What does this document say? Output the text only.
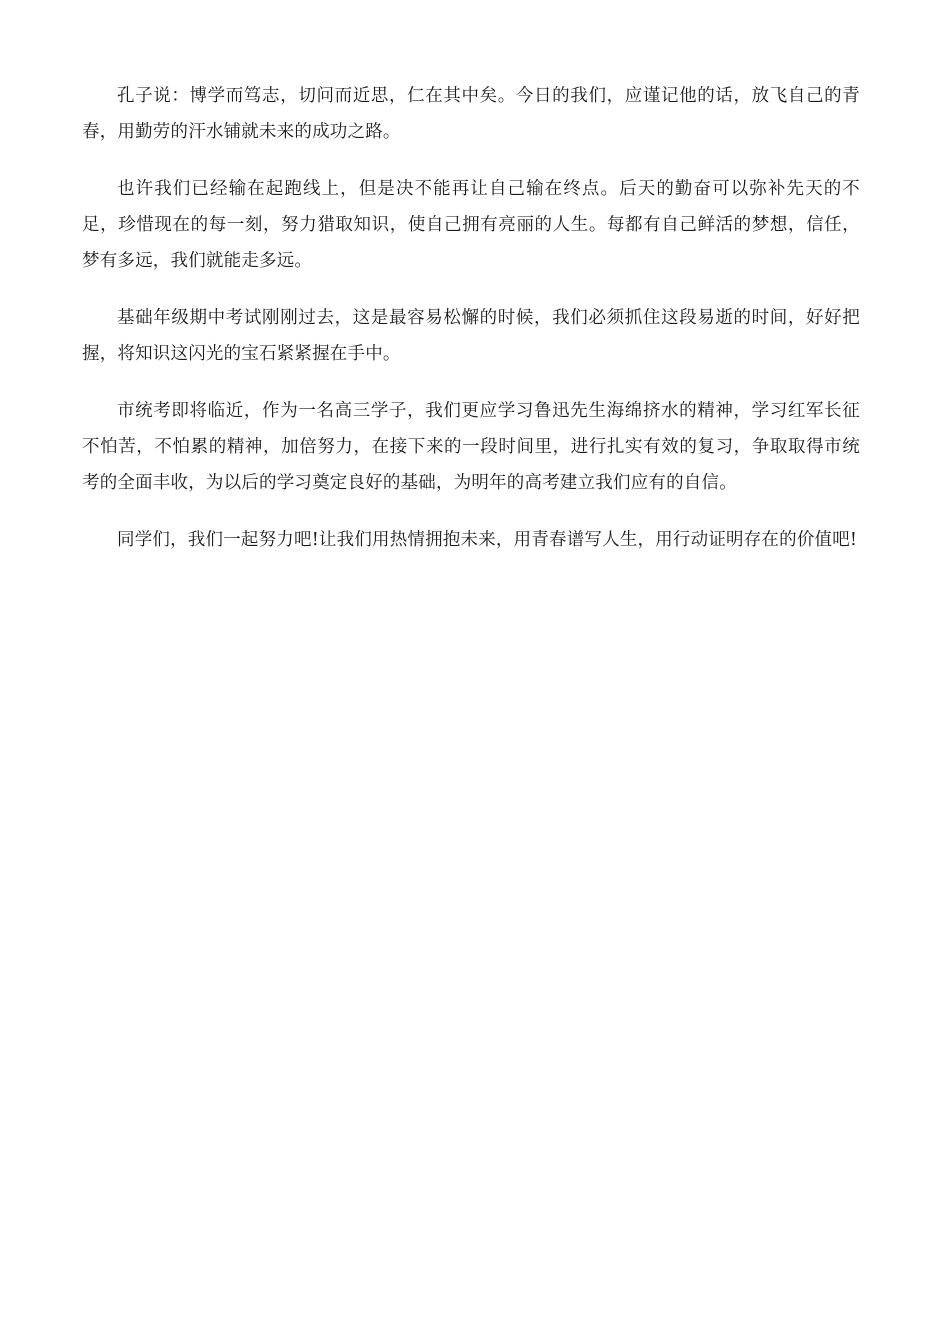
孔子说：博学而笃志，切问而近思，仁在其中矣。今日的我们，应谨记他的话，放飞自己的青春，用勤劳的汗水铺就未来的成功之路。

也许我们已经输在起跑线上，但是决不能再让自己输在终点。后天的勤奋可以弥补先天的不足，珍惜现在的每一刻，努力猎取知识，使自己拥有亮丽的人生。每都有自己鲜活的梦想，信任，梦有多远，我们就能走多远。

基础年级期中考试刚刚过去，这是最容易松懈的时候，我们必须抓住这段易逝的时间，好好把握，将知识这闪光的宝石紧紧握在手中。

市统考即将临近，作为一名高三学子，我们更应学习鲁迅先生海绵挤水的精神，学习红军长征不怕苦，不怕累的精神，加倍努力，在接下来的一段时间里，进行扎实有效的复习，争取取得市统考的全面丰收，为以后的学习奠定良好的基础，为明年的高考建立我们应有的自信。

同学们，我们一起努力吧!让我们用热情拥抱未来，用青春谱写人生，用行动证明存在的价值吧!
